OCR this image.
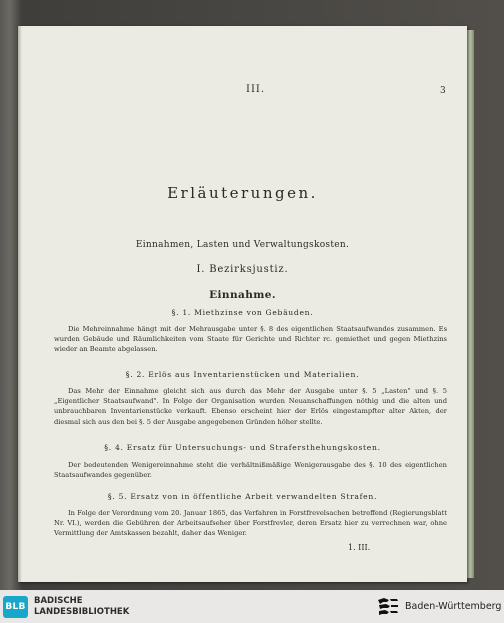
III.	3
Erläuterungen.
Einnahmen, Lasten und Verwaltungskosten.
I. Bezirksjustiz.
Einnahme.
§. 1. Miethzinse von Gebäuden.
Die Mehreinnahme hängt mit der Mehrausgabe unter §. 8 des eigentlichen Staatsaufwandes zusammen. Es wurden Gebäude und Räumlichkeiten vom Staate für Gerichte und Richter rc. gemiethet und gegen Miethzins wieder an Beamte abgelassen.
§. 2. Erlös aus Inventarienstücken und Materialien.
Das Mehr der Einnahme gleicht sich aus durch das Mehr der Ausgabe unter §. 5 „Lasten" und §. 5 „Eigentlicher Staatsaufwand". In Folge der Organisation wurden Neuanschaffungen nöthig und die alten und unbrauchbaren Inventarienstücke verkauft. Ebenso erscheint hier der Erlös eingestampfter alter Akten, der diesmal sich aus den bei §. 5 der Ausgabe angegebenen Gründen höher stellte.
§. 4. Ersatz für Untersuchungs- und Strafersthehungskosten.
Der bedeutenden Wenigereinnahme steht die verhältnißmäßige Wenigerausgabe des §. 10 des eigentlichen Staatsaufwandes gegenüber.
§. 5. Ersatz von in öffentliche Arbeit verwandelten Strafen.
In Folge der Verordnung vom 20. Januar 1865, das Verfahren in Forstfrevelsachen betreffend (Regierungsblatt Nr. VI.), werden die Gebühren der Arbeitsaufseher über Forstfrevler, deren Ersatz hier zu verrechnen war, ohne Vermittlung der Amtskassen bezahlt, daher das Weniger.
1. III.
BLB
BADISCHE
LANDESBIBLIOTHEK	Baden-Württemberg
